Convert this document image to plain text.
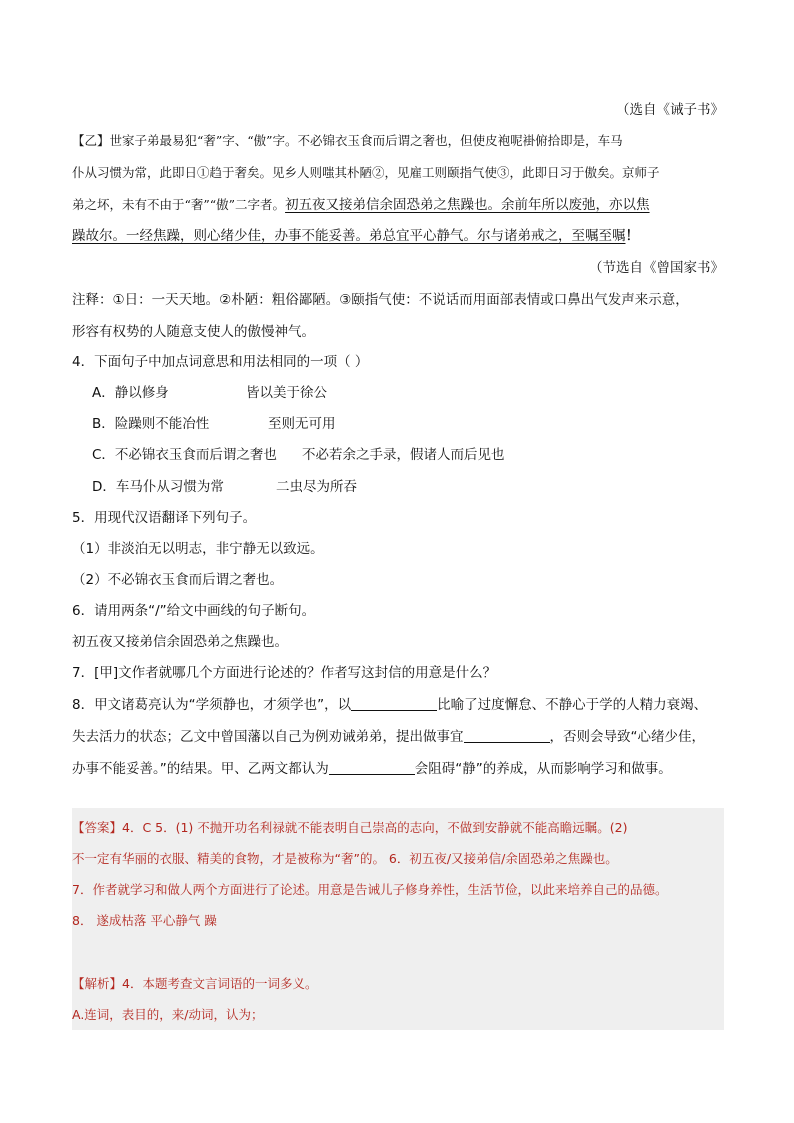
（选自《诫子书》
【乙】世家子弟最易犯“奢”字、“傲”字。不必锦衣玉食而后谓之奢也，但使皮袍呢褂俯拾即是，车马
仆从习惯为常，此即日①趋于奢矣。见乡人则嗤其朴陋②，见雇工则颐指气使③，此即日习于傲矣。京师子
弟之坏，未有不由于“奢”“傲”二字者。初五夜又接弟信余固恐弟之焦躁也。余前年所以废弛，亦以焦
躁故尔。一经焦躁，则心绪少佳，办事不能妥善。弟总宜平心静气。尔与诸弟戒之，至嘱至嘱！
（节选自《曾国家书》
注释：①日：一天天地。②朴陋：粗俗鄙陋。③颐指气使：不说话而用面部表情或口鼻出气发声来示意，
形容有权势的人随意支使人的傲慢神气。
4．下面句子中加点词意思和用法相同的一项（ ）
A．静以修身	皆以美于徐公
B．险躁则不能冶性	至则无可用
C．不必锦衣玉食而后谓之奢也 不必若余之手录，假诸人而后见也
D．车马仆从习惯为常	二虫尽为所吞
5．用现代汉语翻译下列句子。
（1）非淡泊无以明志，非宁静无以致远。
（2）不必锦衣玉食而后谓之奢也。
6．请用两条“/”给文中画线的句子断句。
初五夜又接弟信余固恐弟之焦躁也。
7．[甲]文作者就哪几个方面进行论述的？作者写这封信的用意是什么？
8．甲文诸葛亮认为“学须静也，才须学也”，以	比喻了过度懈怠、不静心于学的人精力衰竭、
失去活力的状态；乙文中曾国藩以自己为例劝诫弟弟，提出做事宜	，否则会导致“心绪少佳，
办事不能妥善。”的结果。甲、乙两文都认为	会阻碍“静”的养成，从而影响学习和做事。
【答案】4．C 5．(1) 不抛开功名利禄就不能表明自己崇高的志向，不做到安静就不能高瞻远瞩。(2)
不一定有华丽的衣服、精美的食物，才是被称为“奢”的。 6．初五夜/又接弟信/余固恐弟之焦躁也。
7．作者就学习和做人两个方面进行了论述。用意是告诫儿子修身养性，生活节俭，以此来培养自己的品德。
8． 遂成枯落 平心静气 躁
【解析】4．本题考查文言词语的一词多义。
A.连词，表目的，来/动词，认为；
